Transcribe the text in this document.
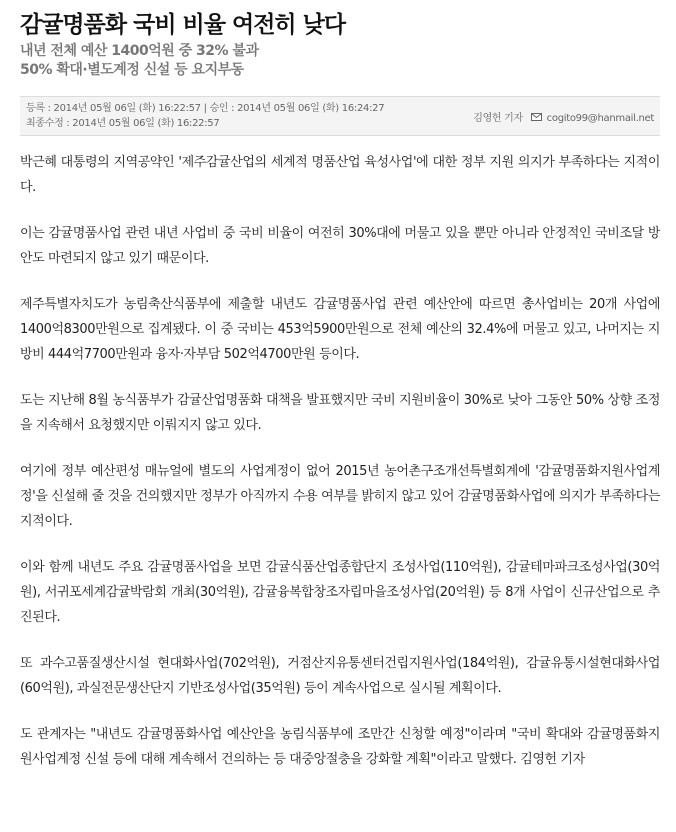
감귤명품화 국비 비율 여전히 낮다
내년 전체 예산 1400억원 중 32% 불과
50% 확대·별도계정 신설 등 요지부동
등록 : 2014년 05월 06일 (화) 16:22:57 | 승인 : 2014년 05월 06일 (화) 16:24:27
최종수정 : 2014년 05월 06일 (화) 16:22:57	김영헌 기자 cogito99@hanmail.net

박근혜 대통령의 지역공약인 '제주감귤산업의 세계적 명품산업 육성사업'에 대한 정부 지원 의지가 부족하다는 지적이다.

이는 감귤명품사업 관련 내년 사업비 중 국비 비율이 여전히 30%대에 머물고 있을 뿐만 아니라 안정적인 국비조달 방안도 마련되지 않고 있기 때문이다.

제주특별자치도가 농림축산식품부에 제출할 내년도 감귤명품사업 관련 예산안에 따르면 총사업비는 20개 사업에 1400억8300만원으로 집계됐다. 이 중 국비는 453억5900만원으로 전체 예산의 32.4%에 머물고 있고, 나머지는 지방비 444억7700만원과 융자·자부담 502억4700만원 등이다.

도는 지난해 8월 농식품부가 감귤산업명품화 대책을 발표했지만 국비 지원비율이 30%로 낮아 그동안 50% 상향 조정을 지속해서 요청했지만 이뤄지지 않고 있다.

여기에 정부 예산편성 매뉴얼에 별도의 사업계정이 없어 2015년 농어촌구조개선특별회계에 '감귤명품화지원사업계정'을 신설해 줄 것을 건의했지만 정부가 아직까지 수용 여부를 밝히지 않고 있어 감귤명품화사업에 의지가 부족하다는 지적이다.

이와 함께 내년도 주요 감귤명품사업을 보면 감귤식품산업종합단지 조성사업(110억원), 감귤테마파크조성사업(30억원), 서귀포세계감귤박람회 개최(30억원), 감귤융복합창조자립마을조성사업(20억원) 등 8개 사업이 신규산업으로 추진된다.

또 과수고품질생산시설 현대화사업(702억원), 거점산지유통센터건립지원사업(184억원), 감귤유통시설현대화사업(60억원), 과실전문생산단지 기반조성사업(35억원) 등이 계속사업으로 실시될 계획이다.

도 관계자는 "내년도 감귤명품화사업 예산안을 농림식품부에 조만간 신청할 예정"이라며 "국비 확대와 감귤명품화지원사업계정 신설 등에 대해 계속해서 건의하는 등 대중앙절충을 강화할 계획"이라고 말했다. 김영헌 기자
